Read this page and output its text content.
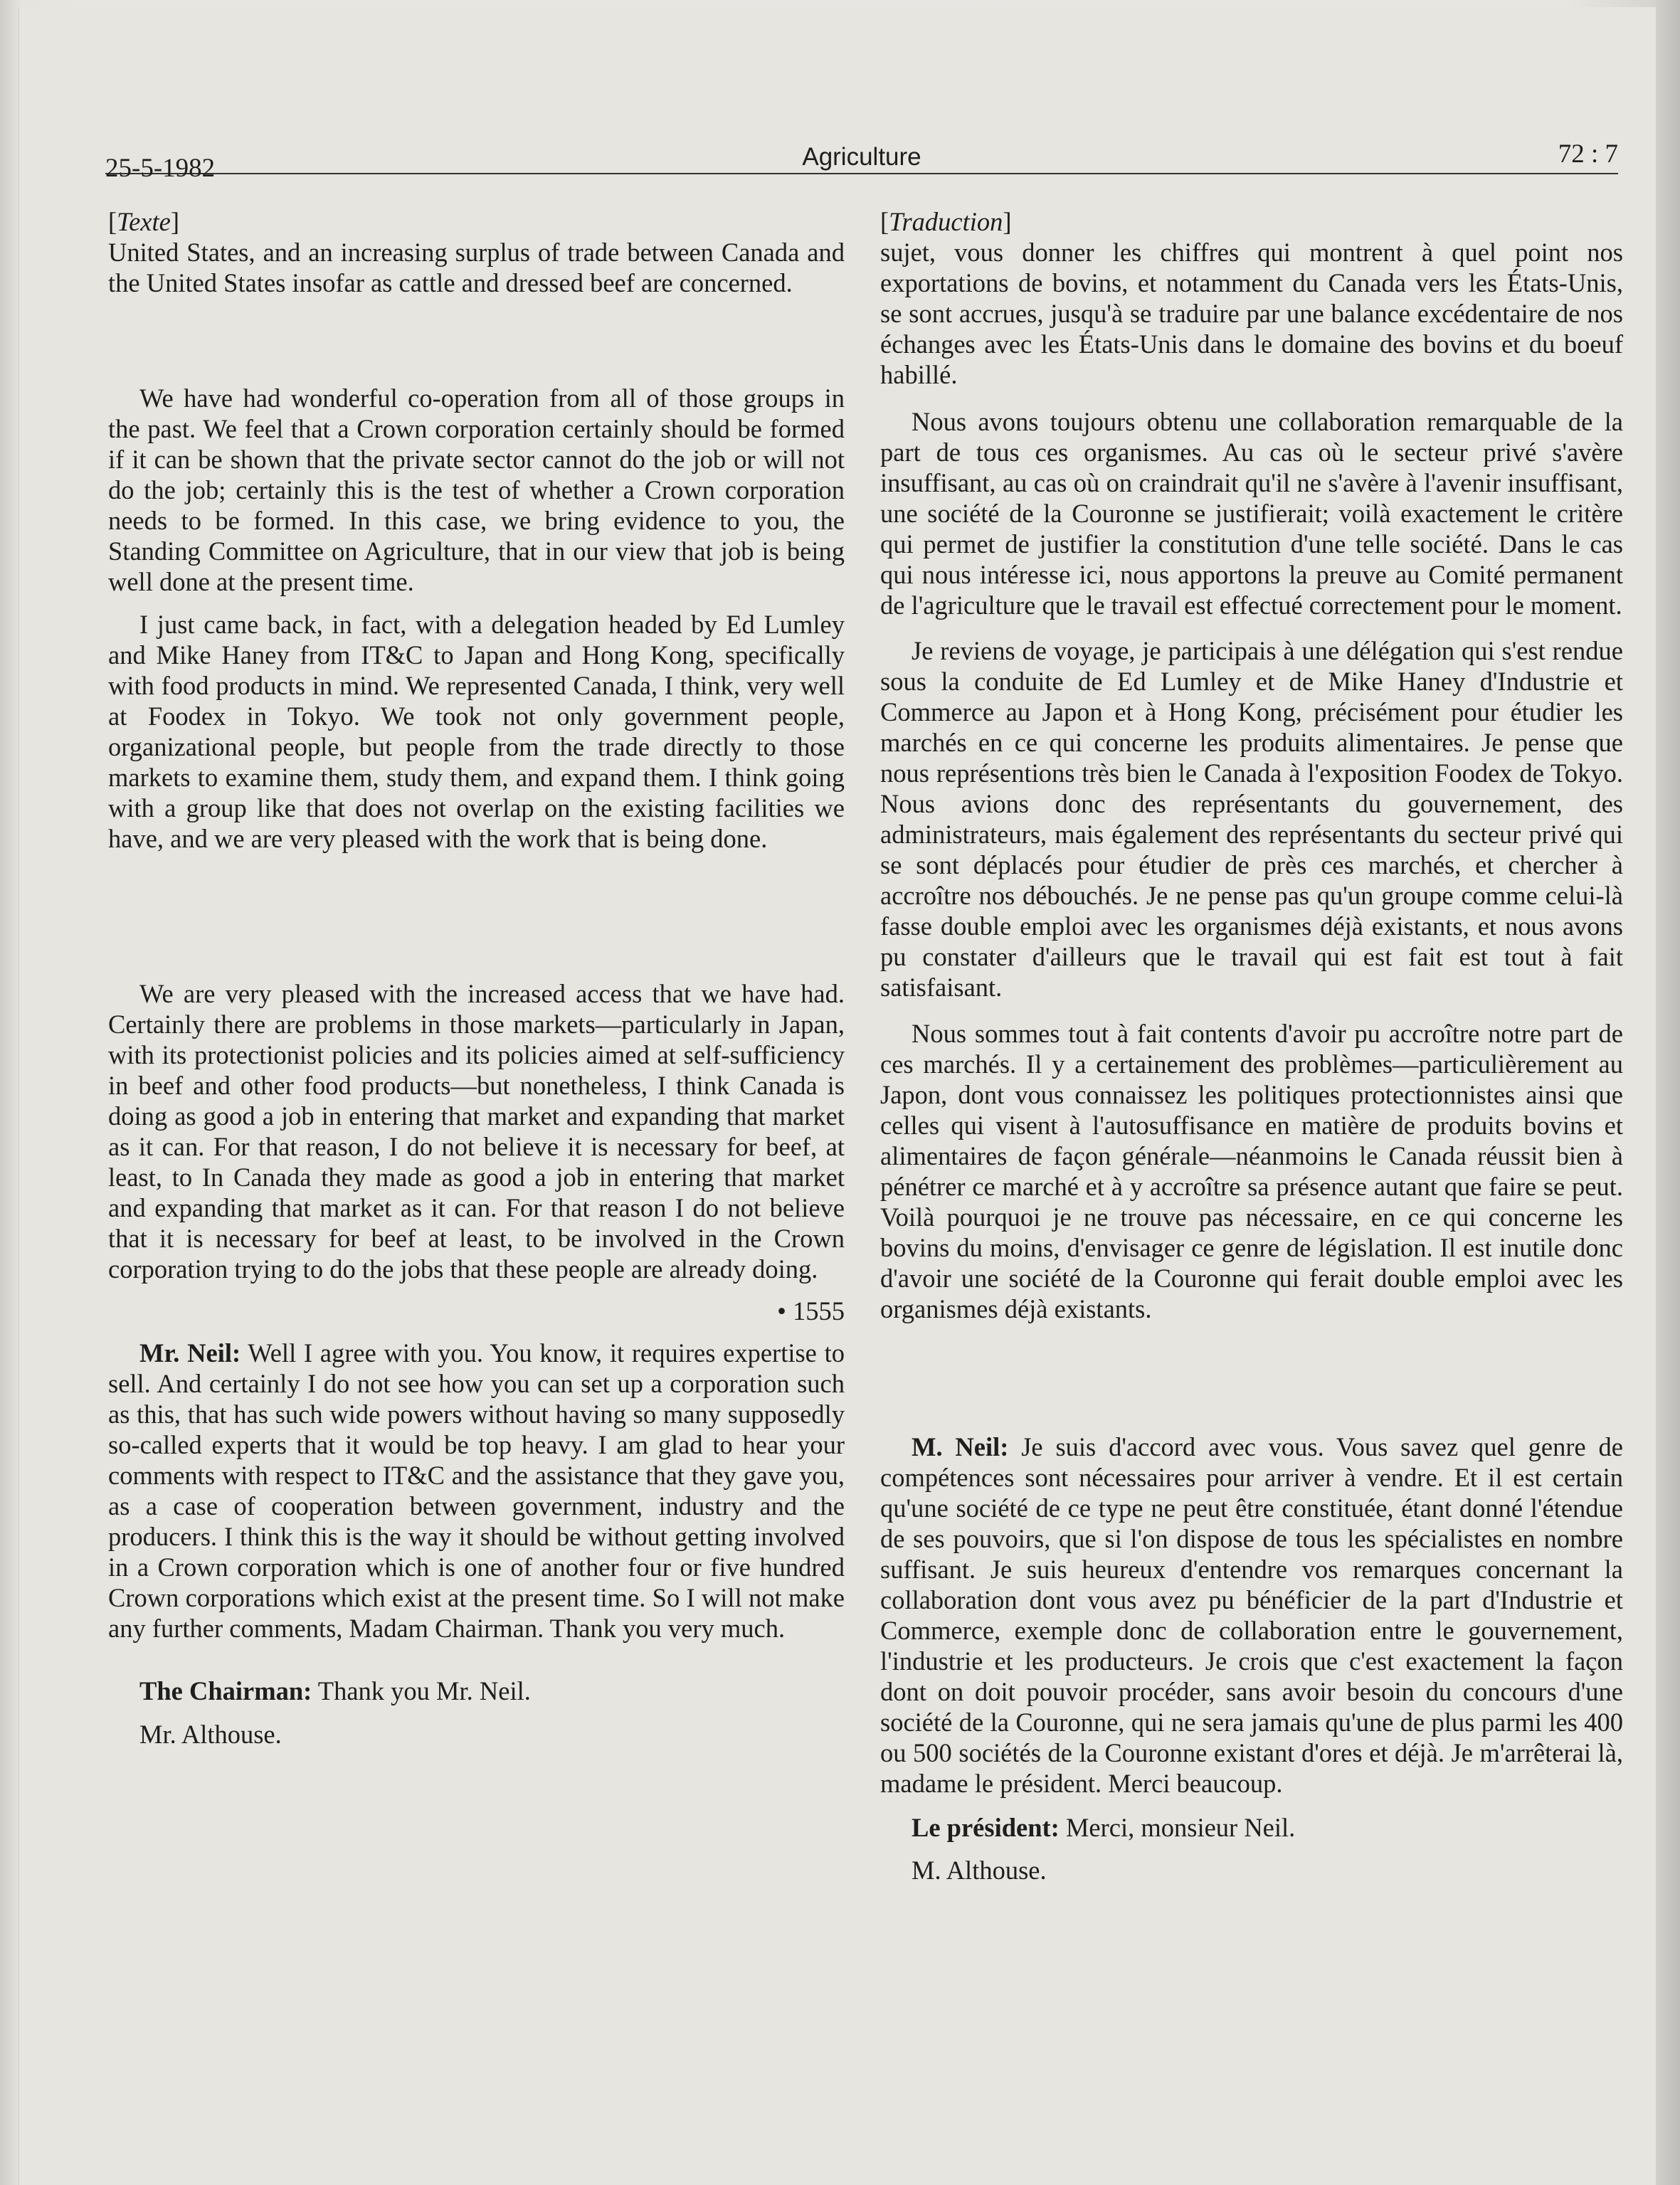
25-5-1982	Agriculture	72 : 7

[Texte]

United States, and an increasing surplus of trade between Canada and the United States insofar as cattle and dressed beef are concerned.

We have had wonderful co-operation from all of those groups in the past. We feel that a Crown corporation certainly should be formed if it can be shown that the private sector cannot do the job or will not do the job; certainly this is the test of whether a Crown corporation needs to be formed. In this case, we bring evidence to you, the Standing Committee on Agriculture, that in our view that job is being well done at the present time.

I just came back, in fact, with a delegation headed by Ed Lumley and Mike Haney from IT&C to Japan and Hong Kong, specifically with food products in mind. We represented Canada, I think, very well at Foodex in Tokyo. We took not only government people, organizational people, but people from the trade directly to those markets to examine them, study them, and expand them. I think going with a group like that does not overlap on the existing facilities we have, and we are very pleased with the work that is being done.

We are very pleased with the increased access that we have had. Certainly there are problems in those markets—particularly in Japan, with its protectionist policies and its policies aimed at self-sufficiency in beef and other food products—but nonetheless, I think Canada is doing as good a job in entering that market and expanding that market as it can. For that reason, I do not believe it is necessary for beef, at least, to In Canada they made as good a job in entering that market and expanding that market as it can. For that reason I do not believe that it is necessary for beef at least, to be involved in the Crown corporation trying to do the jobs that these people are already doing.

• 1555

Mr. Neil: Well I agree with you. You know, it requires expertise to sell. And certainly I do not see how you can set up a corporation such as this, that has such wide powers without having so many supposedly so-called experts that it would be top heavy. I am glad to hear your comments with respect to IT&C and the assistance that they gave you, as a case of cooperation between government, industry and the producers. I think this is the way it should be without getting involved in a Crown corporation which is one of another four or five hundred Crown corporations which exist at the present time. So I will not make any further comments, Madam Chairman. Thank you very much.

The Chairman: Thank you Mr. Neil.

Mr. Althouse.

[Traduction]

sujet, vous donner les chiffres qui montrent à quel point nos exportations de bovins, et notamment du Canada vers les États-Unis, se sont accrues, jusqu'à se traduire par une balance excédentaire de nos échanges avec les États-Unis dans le domaine des bovins et du boeuf habillé.

Nous avons toujours obtenu une collaboration remarquable de la part de tous ces organismes. Au cas où le secteur privé s'avère insuffisant, au cas où on craindrait qu'il ne s'avère à l'avenir insuffisant, une société de la Couronne se justifierait; voilà exactement le critère qui permet de justifier la constitution d'une telle société. Dans le cas qui nous intéresse ici, nous apportons la preuve au Comité permanent de l'agriculture que le travail est effectué correctement pour le moment.

Je reviens de voyage, je participais à une délégation qui s'est rendue sous la conduite de Ed Lumley et de Mike Haney d'Industrie et Commerce au Japon et à Hong Kong, précisément pour étudier les marchés en ce qui concerne les produits alimentaires. Je pense que nous représentions très bien le Canada à l'exposition Foodex de Tokyo. Nous avions donc des représentants du gouvernement, des administrateurs, mais également des représentants du secteur privé qui se sont déplacés pour étudier de près ces marchés, et chercher à accroître nos débouchés. Je ne pense pas qu'un groupe comme celui-là fasse double emploi avec les organismes déjà existants, et nous avons pu constater d'ailleurs que le travail qui est fait est tout à fait satisfaisant.

Nous sommes tout à fait contents d'avoir pu accroître notre part de ces marchés. Il y a certainement des problèmes—particulièrement au Japon, dont vous connaissez les politiques protectionnistes ainsi que celles qui visent à l'autosuffisance en matière de produits bovins et alimentaires de façon générale—néanmoins le Canada réussit bien à pénétrer ce marché et à y accroître sa présence autant que faire se peut. Voilà pourquoi je ne trouve pas nécessaire, en ce qui concerne les bovins du moins, d'envisager ce genre de législation. Il est inutile donc d'avoir une société de la Couronne qui ferait double emploi avec les organismes déjà existants.

M. Neil: Je suis d'accord avec vous. Vous savez quel genre de compétences sont nécessaires pour arriver à vendre. Et il est certain qu'une société de ce type ne peut être constituée, étant donné l'étendue de ses pouvoirs, que si l'on dispose de tous les spécialistes en nombre suffisant. Je suis heureux d'entendre vos remarques concernant la collaboration dont vous avez pu bénéficier de la part d'Industrie et Commerce, exemple donc de collaboration entre le gouvernement, l'industrie et les producteurs. Je crois que c'est exactement la façon dont on doit pouvoir procéder, sans avoir besoin du concours d'une société de la Couronne, qui ne sera jamais qu'une de plus parmi les 400 ou 500 sociétés de la Couronne existant d'ores et déjà. Je m'arrêterai là, madame le président. Merci beaucoup.

Le président: Merci, monsieur Neil.

M. Althouse.
